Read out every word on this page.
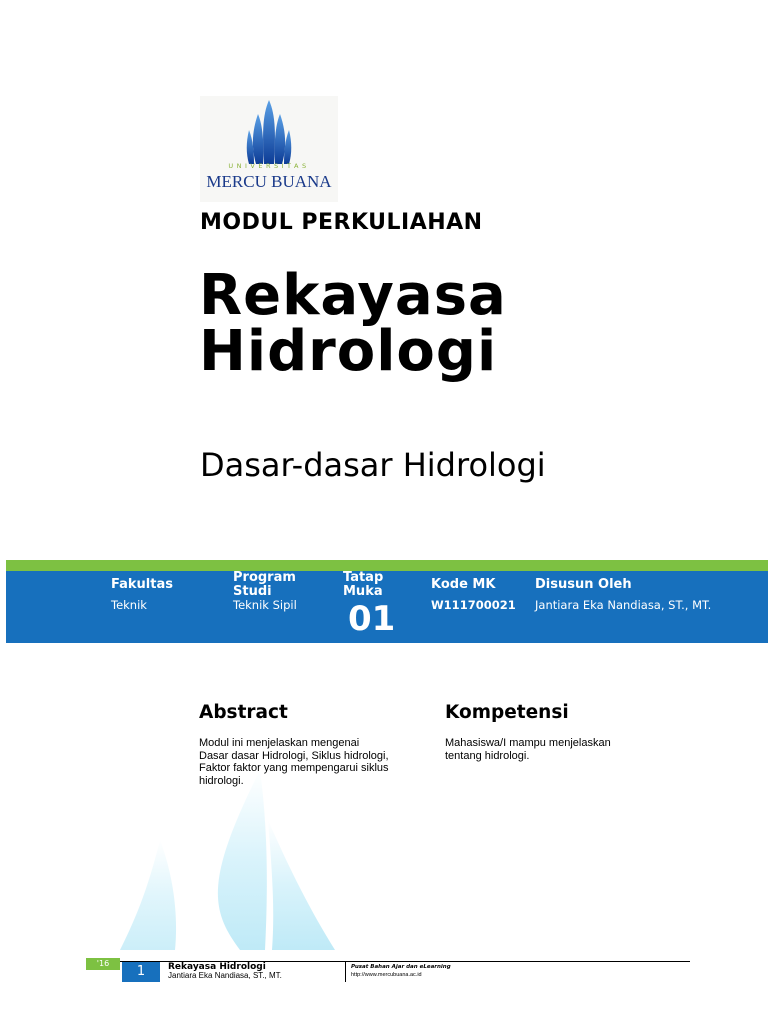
UNIVERSITAS
MERCU BUANA
MODUL PERKULIAHAN
Rekayasa
Hidrologi
Dasar-dasar Hidrologi
Fakultas
Teknik
Program
Studi
Teknik Sipil
Tatap
Muka
01
Kode MK
W111700021
Disusun Oleh
Jantiara Eka Nandiasa, ST., MT.
Abstract
Modul ini menjelaskan mengenai
Dasar dasar Hidrologi, Siklus hidrologi,
Faktor faktor yang mempengarui siklus
hidrologi.
Kompetensi
Mahasiswa/I mampu menjelaskan
tentang hidrologi.
'16
1	Rekayasa Hidrologi
Jantiara Eka Nandiasa, ST., MT.
Pusat Bahan Ajar dan eLearning
http://www.mercubuana.ac.id
